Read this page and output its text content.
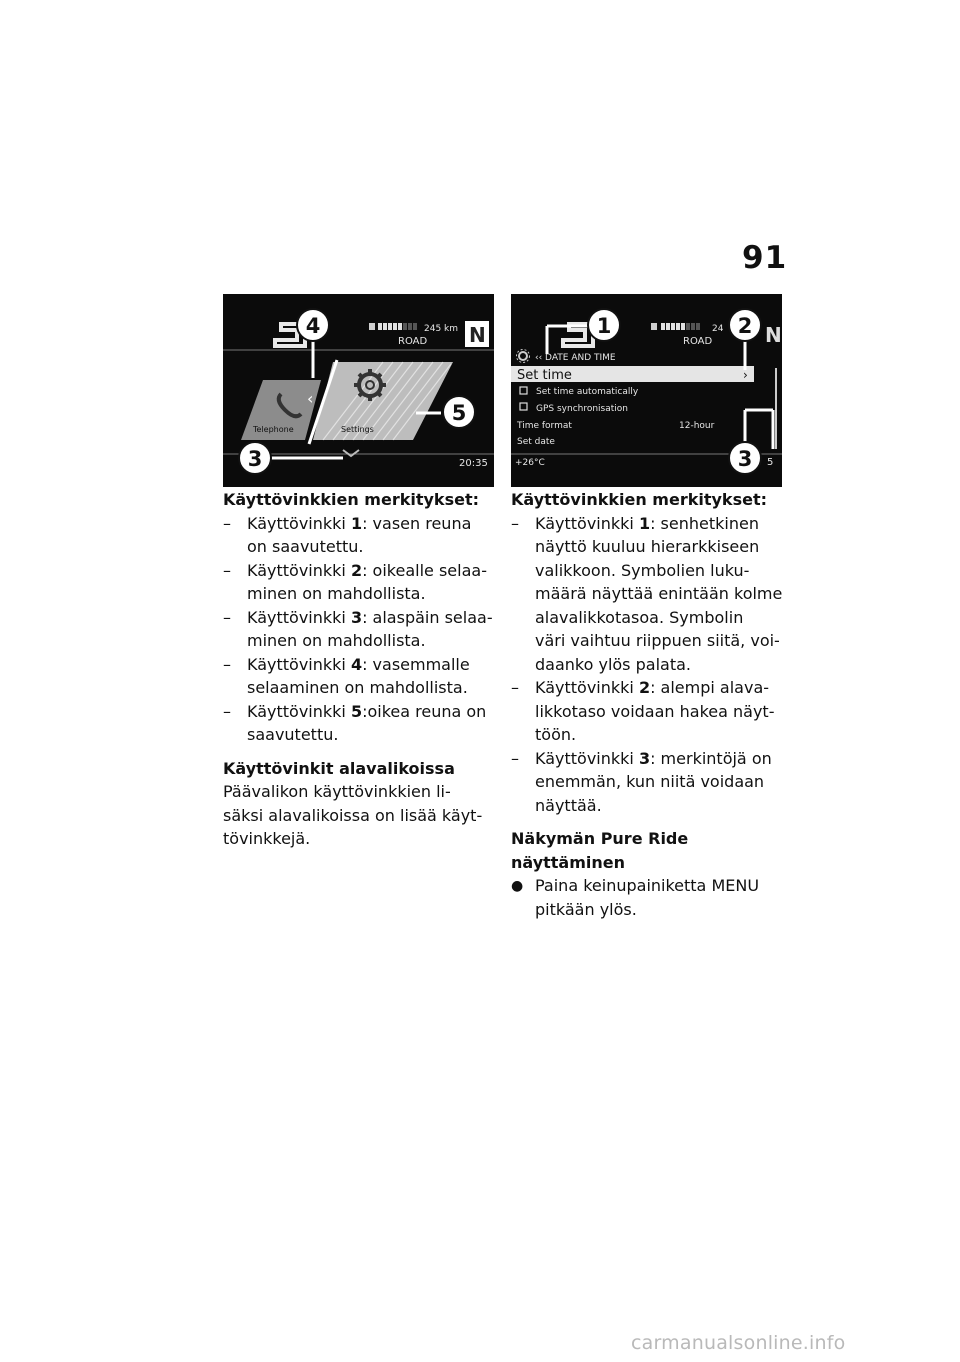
91
245 km
ROAD N
Telephone	Settings
‹
20:35
4
5
3
24
ROAD	N
‹‹ DATE AND TIME
Set time	›
Set time automatically
GPS synchronisation
Time format	12-hour
Set date
+26°C	5
1	2
3
Käyttövinkkien merkitykset:
–	Käyttövinkki 1: vasen reuna
on saavutettu.
–	Käyttövinkki 2: oikealle selaa-
minen on mahdollista.
–	Käyttövinkki 3: alaspäin selaa-
minen on mahdollista.
–	Käyttövinkki 4: vasemmalle
selaaminen on mahdollista.
–	Käyttövinkki 5:oikea reuna on
saavutettu.
Käyttövinkit alavalikoissa
Päävalikon käyttövinkkien li-
säksi alavalikoissa on lisää käyt-
tövinkkejä.
Käyttövinkkien merkitykset:
–	Käyttövinkki 1: senhetkinen
näyttö kuuluu hierarkkiseen
valikkoon. Symbolien luku-
määrä näyttää enintään kolme
alavalikkotasoa. Symbolin
väri vaihtuu riippuen siitä, voi-
daanko ylös palata.
–	Käyttövinkki 2: alempi alava-
likkotaso voidaan hakea näyt-
töön.
–	Käyttövinkki 3: merkintöjä on
enemmän, kun niitä voidaan
näyttää.
Näkymän Pure Ride
näyttäminen
● Paina keinupainiketta MENU
pitkään ylös.
carmanualsonline.info
